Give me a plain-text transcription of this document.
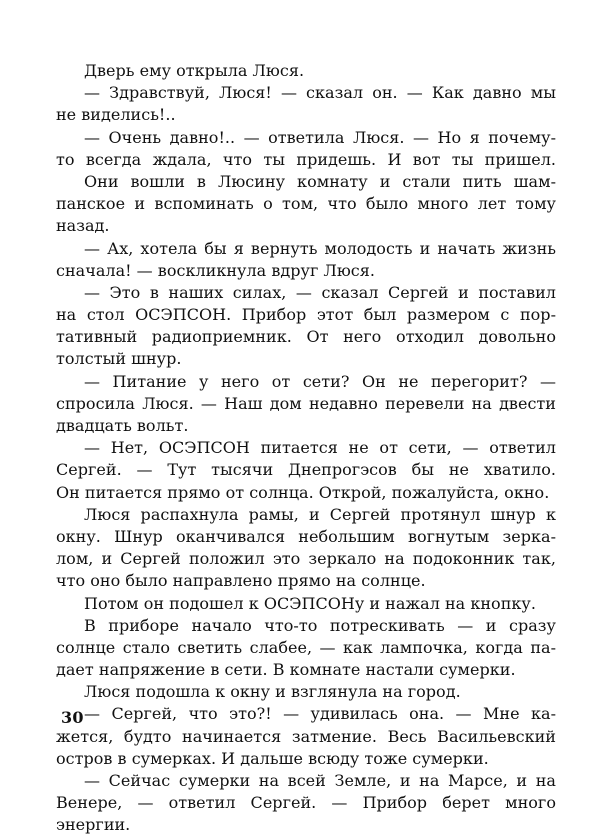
Дверь ему открыла Люся.
— Здравствуй, Люся! — сказал он. — Как давно мы
не виделись!..
— Очень давно!.. — ответила Люся. — Но я почему-
то всегда ждала, что ты придешь. И вот ты пришел.
Они вошли в Люсину комнату и стали пить шам-
панское и вспоминать о том, что было много лет тому
назад.
— Ах, хотела бы я вернуть молодость и начать жизнь
сначала! — воскликнула вдруг Люся.
— Это в наших силах, — сказал Сергей и поставил
на стол ОСЭПСОН. Прибор этот был размером с пор-
тативный радиоприемник. От него отходил довольно
толстый шнур.
— Питание у него от сети? Он не перегорит? —
спросила Люся. — Наш дом недавно перевели на двести
двадцать вольт.
— Нет, ОСЭПСОН питается не от сети, — ответил
Сергей. — Тут тысячи Днепрогэсов бы не хватило.
Он питается прямо от солнца. Открой, пожалуйста, окно.
Люся распахнула рамы, и Сергей протянул шнур к
окну. Шнур оканчивался небольшим вогнутым зерка-
лом, и Сергей положил это зеркало на подоконник так,
что оно было направлено прямо на солнце.
Потом он подошел к ОСЭПСОНу и нажал на кнопку.
В приборе начало что-то потрескивать — и сразу
солнце стало светить слабее, — как лампочка, когда па-
дает напряжение в сети. В комнате настали сумерки.
Люся подошла к окну и взглянула на город.
— Сергей, что это?! — удивилась она. — Мне ка-
жется, будто начинается затмение. Весь Васильевский
остров в сумерках. И дальше всюду тоже сумерки.
— Сейчас сумерки на всей Земле, и на Марсе, и на
Венере, — ответил Сергей. — Прибор берет много
энергии.
30
